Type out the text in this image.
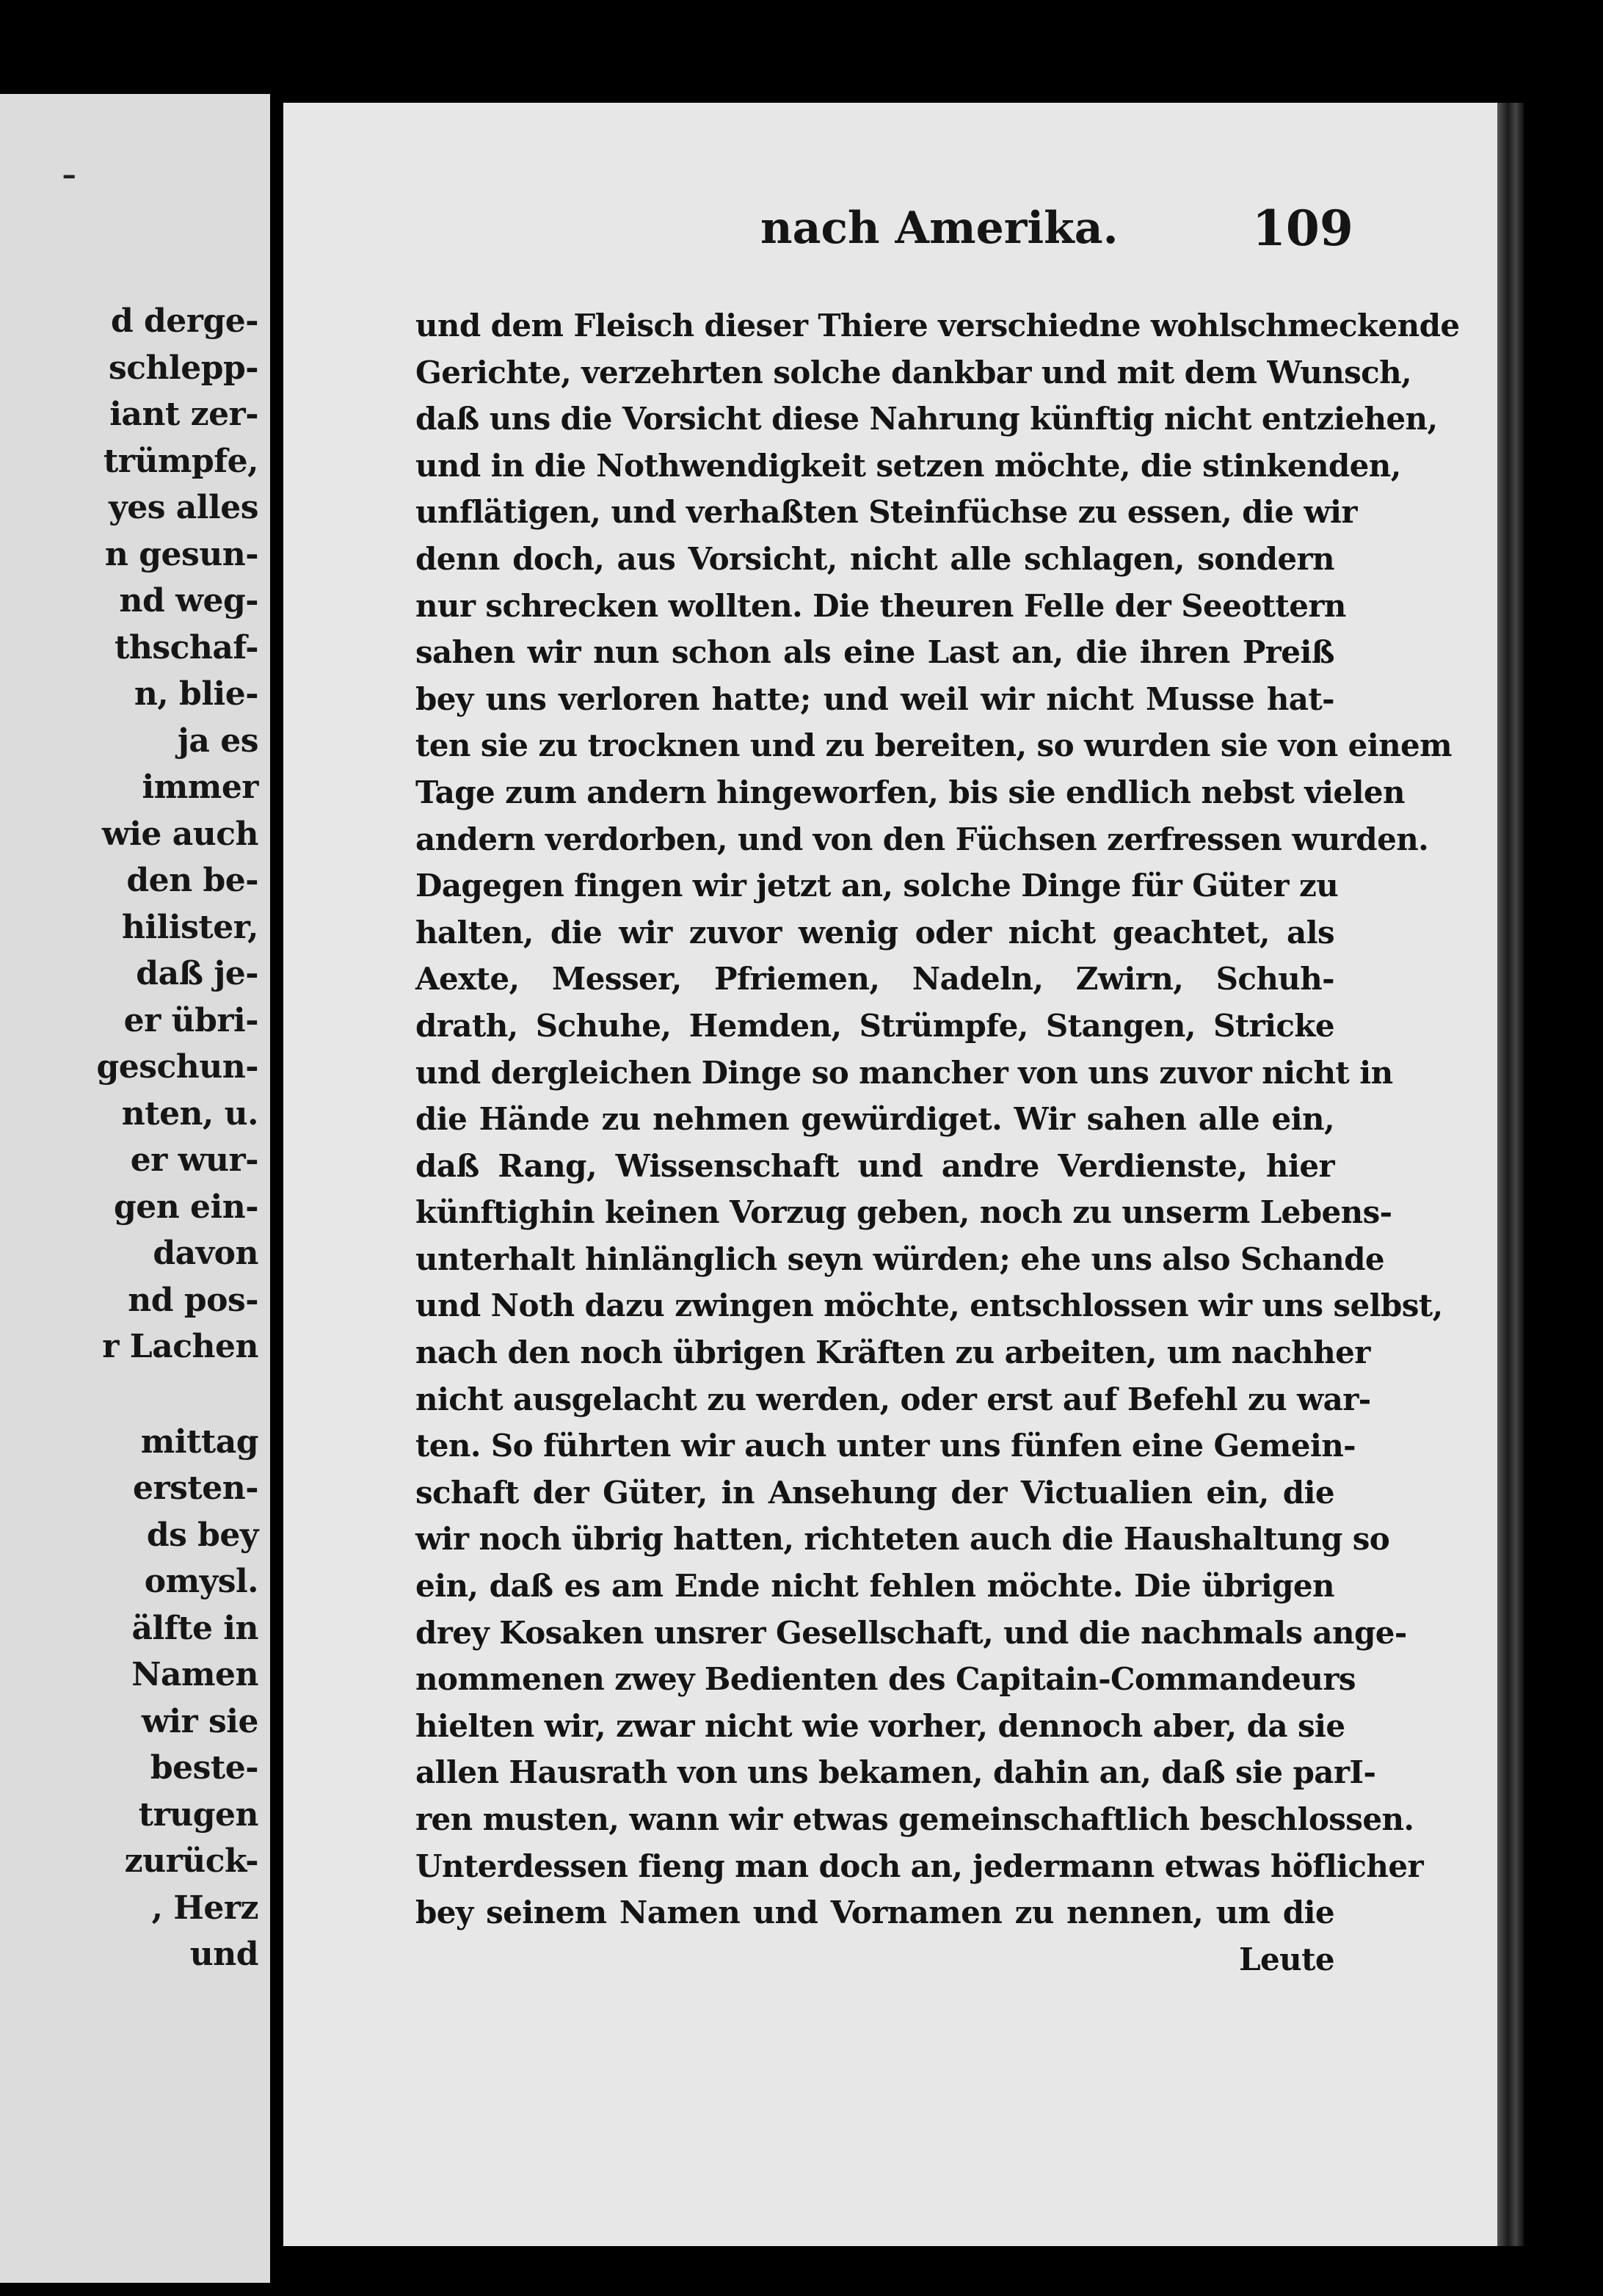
-
d derge-
schlepp-
iant zer-
trümpfe,
yes alles
n gesun-
nd weg-
thschaf-
n, blie-
ja es
immer
wie auch
den be-
hilister,
daß je-
er übri-
geschun-
nten, u.
er wur-
gen ein-
davon
nd pos-
r Lachen
mittag
ersten-
ds bey
omysl.
älfte in
Namen
wir sie
beste-
trugen
zurück-
, Herz
und
nach Amerika.	109
und dem Fleisch dieser Thiere verschiedne wohlschmeckende
Gerichte, verzehrten solche dankbar und mit dem Wunsch,
daß uns die Vorsicht diese Nahrung künftig nicht entziehen,
und in die Nothwendigkeit setzen möchte, die stinkenden,
unflätigen, und verhaßten Steinfüchse zu essen, die wir
denn doch, aus Vorsicht, nicht alle schlagen, sondern
nur schrecken wollten. Die theuren Felle der Seeottern
sahen wir nun schon als eine Last an, die ihren Preiß
bey uns verloren hatte; und weil wir nicht Musse hat-
ten sie zu trocknen und zu bereiten, so wurden sie von einem
Tage zum andern hingeworfen, bis sie endlich nebst vielen
andern verdorben, und von den Füchsen zerfressen wurden.
Dagegen fingen wir jetzt an, solche Dinge für Güter zu
halten, die wir zuvor wenig oder nicht geachtet, als
Aexte, Messer, Pfriemen, Nadeln, Zwirn, Schuh-
drath, Schuhe, Hemden, Strümpfe, Stangen, Stricke
und dergleichen Dinge so mancher von uns zuvor nicht in
die Hände zu nehmen gewürdiget. Wir sahen alle ein,
daß Rang, Wissenschaft und andre Verdienste, hier
künftighin keinen Vorzug geben, noch zu unserm Lebens-
unterhalt hinlänglich seyn würden; ehe uns also Schande
und Noth dazu zwingen möchte, entschlossen wir uns selbst,
nach den noch übrigen Kräften zu arbeiten, um nachher
nicht ausgelacht zu werden, oder erst auf Befehl zu war-
ten. So führten wir auch unter uns fünfen eine Gemein-
schaft der Güter, in Ansehung der Victualien ein, die
wir noch übrig hatten, richteten auch die Haushaltung so
ein, daß es am Ende nicht fehlen möchte. Die übrigen
drey Kosaken unsrer Gesellschaft, und die nachmals ange-
nommenen zwey Bedienten des Capitain-Commandeurs
hielten wir, zwar nicht wie vorher, dennoch aber, da sie
allen Hausrath von uns bekamen, dahin an, daß sie parI-
ren musten, wann wir etwas gemeinschaftlich beschlossen.
Unterdessen fieng man doch an, jedermann etwas höflicher
bey seinem Namen und Vornamen zu nennen, um die
Leute
